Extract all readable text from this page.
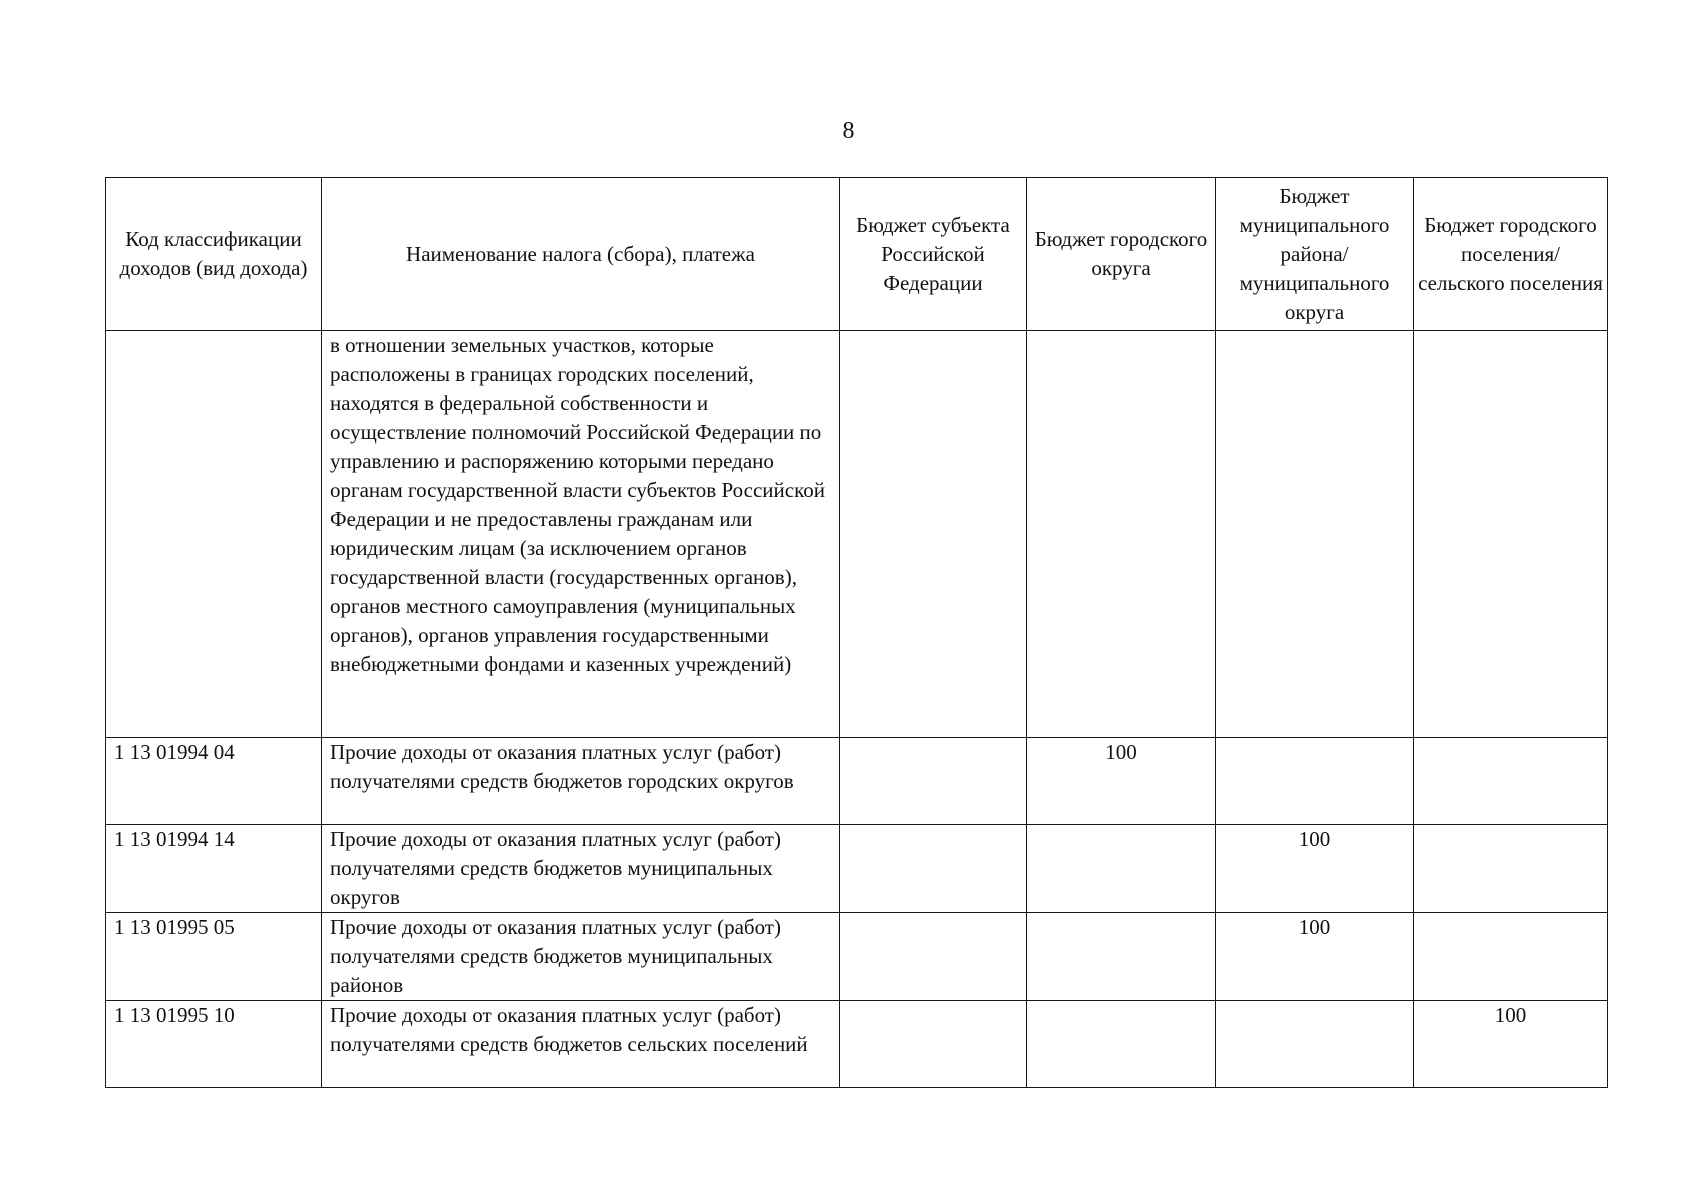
8
Код классификации доходов (вид дохода)	Наименование налога (сбора), платежа	Бюджет субъекта Российской Федерации	Бюджет городского округа	Бюджет муниципального района/ муниципального округа	Бюджет городского поселения/ сельского поселения
	в отношении земельных участков, которые расположены в границах городских поселений, находятся в федеральной собственности и осуществление полномочий Российской Федерации по управлению и распоряжению которыми передано органам государственной власти субъектов Российской Федерации и не предоставлены гражданам или юридическим лицам (за исключением органов государственной власти (государственных органов), органов местного самоуправления (муниципальных органов), органов управления государственными внебюджетными фондами и казенных учреждений)				
1 13 01994 04	Прочие доходы от оказания платных услуг (работ) получателями средств бюджетов городских округов		100		
1 13 01994 14	Прочие доходы от оказания платных услуг (работ) получателями средств бюджетов муниципальных округов			100	
1 13 01995 05	Прочие доходы от оказания платных услуг (работ) получателями средств бюджетов муниципальных районов			100	
1 13 01995 10	Прочие доходы от оказания платных услуг (работ) получателями средств бюджетов сельских поселений				100
